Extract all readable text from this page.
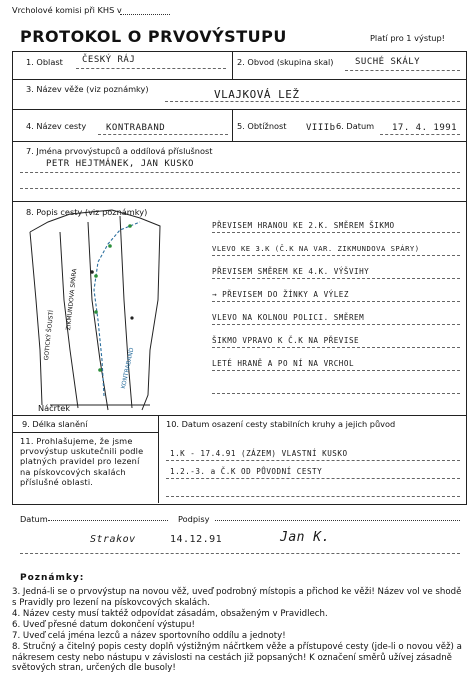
Vrcholové komisi při KHS v
PROTOKOL O PRVOVÝSTUPU	Platí pro 1 výstup!
1. Oblast ČESKÝ RÁJ	2. Obvod (skupina skal) SUCHÉ SKÁLY
3. Název věže (viz poznámky)	VLAJKOVÁ LEŽ
4. Název cesty KONTRABAND	5. Obtížnost VIIIb 6. Datum 17. 4. 1991
7. Jména prvovýstupců a oddílová příslušnost
PETR HEJTMÁNEK, JAN KUSKO
8. Popis cesty (viz poznámky)
GOTICKÝ ŠOUSTÍ
ZIKMUNDOVA SPÁRA
KONTRABAND
Náčrtek
PŘEVISEM HRANOU KE 2.K. SMĚREM ŠIKMO
VLEVO KE 3.K (Č.K NA VAR. ZIKMUNDOVA SPÁRY)
PŘEVISEM SMĚREM KE 4.K. VÝŠVIHY
→ PŘEVISEM DO ŽÍNKY A VÝLEZ
VLEVO NA KOLNOU POLICI. SMĚREM
ŠIKMO VPRAVO K Č.K NA PŘEVISE
LETÉ HRANĚ A PO NÍ NA VRCHOL
9. Délka slanění	10. Datum osazení cesty stabilních kruhy a jejich původ
1.K - 17.4.91 (ZÁZEM) VLASTNÍ KUSKO
1.2.-3. a Č.K OD PŮVODNÍ CESTY
11. Prohlašujeme, že jsme prvovýstup uskutečnili podle platných pravidel pro lezení na pískovcových skalách příslušné oblasti.
Datum	Podpisy
Strakov	14.12.91	Jan K.
Poznámky:
3. Jedná-li se o prvovýstup na novou věž, uveď podrobný místopis a přichod ke věži! Název vol ve shodě s Pravidly pro lezení na pískovcových skalách.
4. Název cesty musí taktéž odpovídat zásadám, obsaženým v Pravidlech.
6. Uveď přesné datum dokončení výstupu!
7. Uveď celá jména lezců a název sportovního oddílu a jednoty!
8. Stručný a čitelný popis cesty doplň výstižným náčrtkem věže a přístupové cesty (jde-li o novou věž) a nákresem cesty nebo nástupu v závislosti na cestách již popsaných! K označení směrů užívej zásadně světových stran, určených dle busoly!
